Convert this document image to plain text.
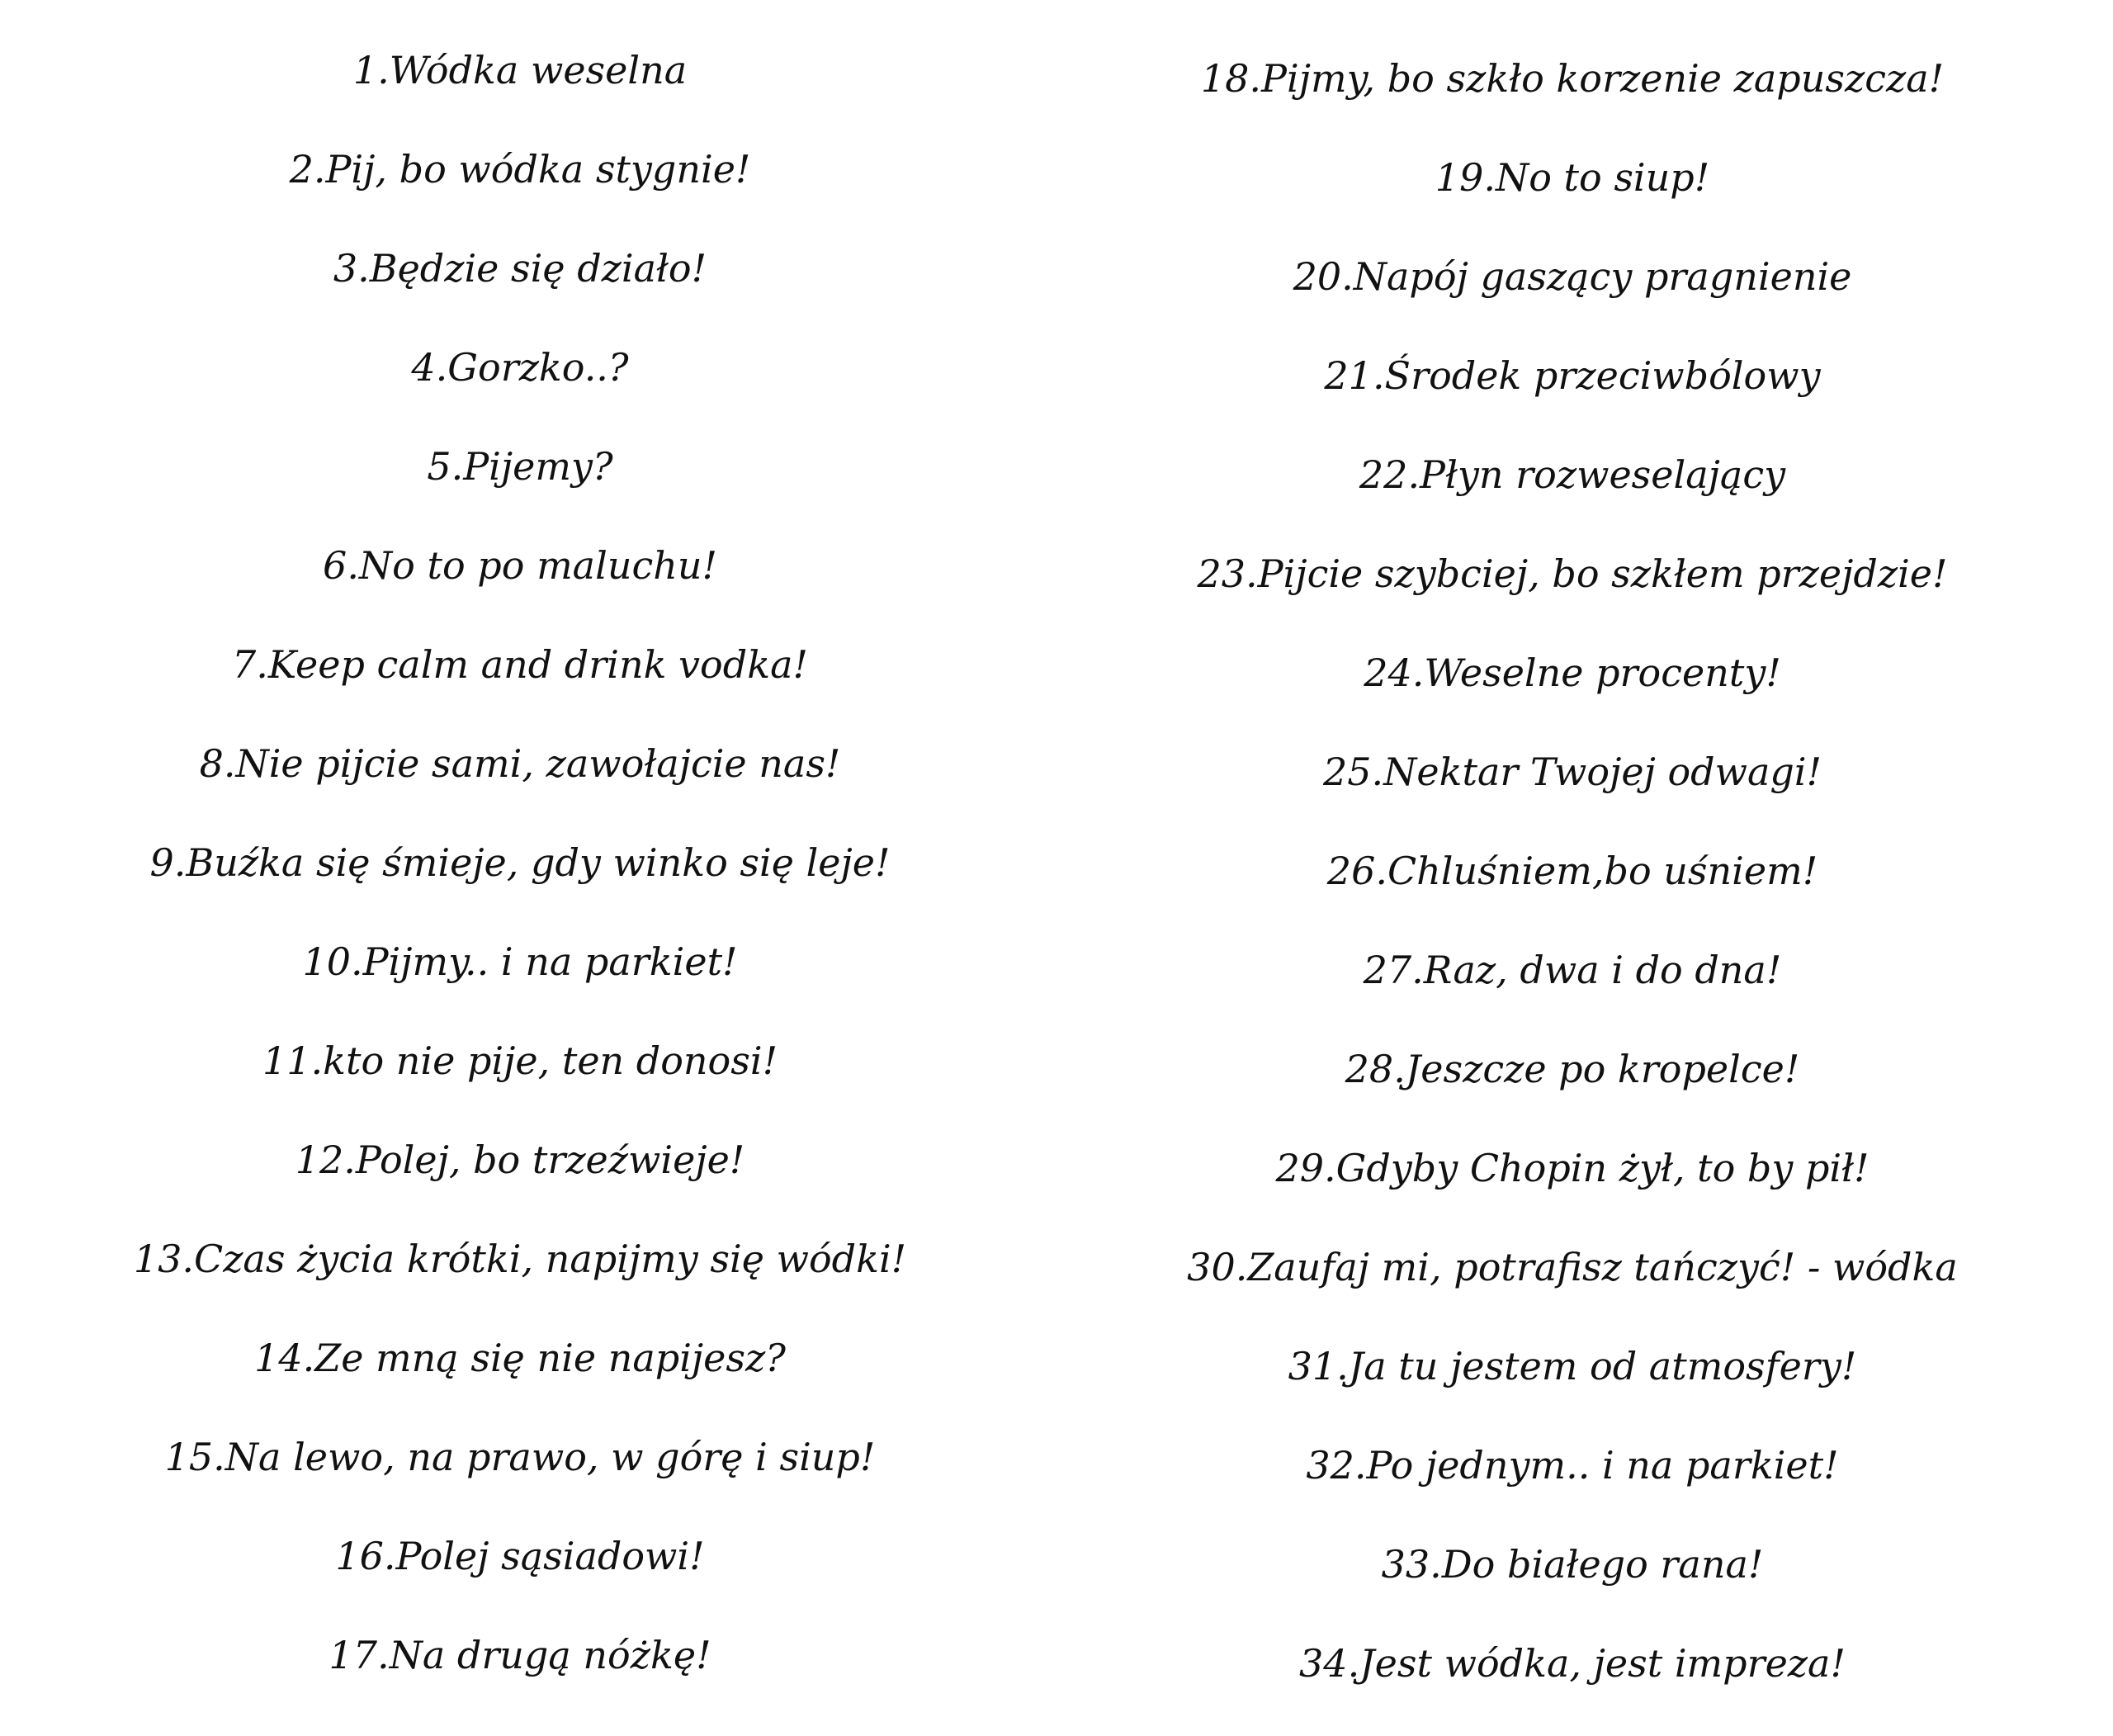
1.Wódka weselna
2.Pij, bo wódka stygnie!
3.Będzie się działo!
4.Gorzko..?
5.Pijemy?
6.No to po maluchu!
7.Keep calm and drink vodka!
8.Nie pijcie sami, zawołajcie nas!
9.Buźka się śmieje, gdy winko się leje!
10.Pijmy.. i na parkiet!
11.kto nie pije, ten donosi!
12.Polej, bo trzeźwieje!
13.Czas życia krótki, napijmy się wódki!
14.Ze mną się nie napijesz?
15.Na lewo, na prawo, w górę i siup!
16.Polej sąsiadowi!
17.Na drugą nóżkę!
18.Pijmy, bo szkło korzenie zapuszcza!
19.No to siup!
20.Napój gaszący pragnienie
21.Środek przeciwbólowy
22.Płyn rozweselający
23.Pijcie szybciej, bo szkłem przejdzie!
24.Weselne procenty!
25.Nektar Twojej odwagi!
26.Chluśniem,bo uśniem!
27.Raz, dwa i do dna!
28.Jeszcze po kropelce!
29.Gdyby Chopin żył, to by pił!
30.Zaufaj mi, potrafisz tańczyć! - wódka
31.Ja tu jestem od atmosfery!
32.Po jednym.. i na parkiet!
33.Do białego rana!
34.Jest wódka, jest impreza!
